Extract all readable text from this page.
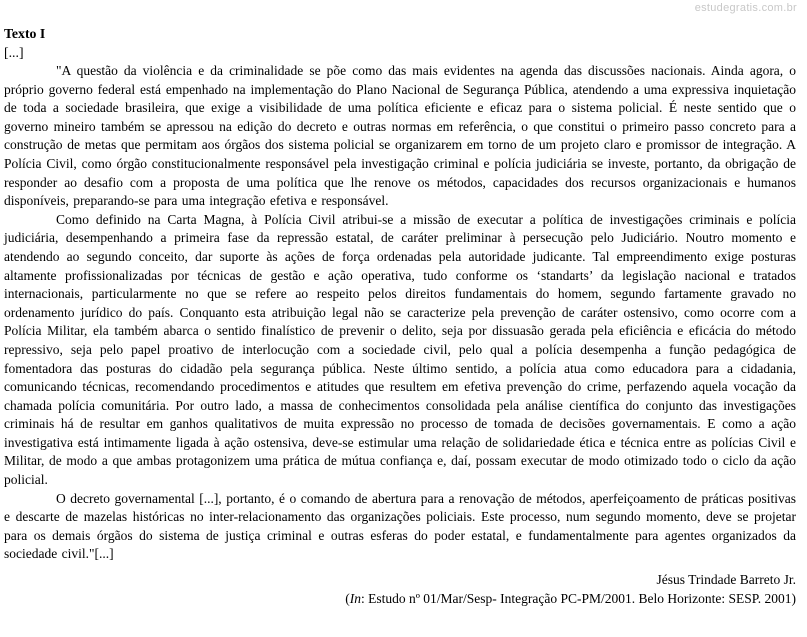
estudegratis.com.br
Texto I
[...]

"A questão da violência e da criminalidade se põe como das mais evidentes na agenda das discussões nacionais. Ainda agora, o próprio governo federal está empenhado na implementação do Plano Nacional de Segurança Pública, atendendo a uma expressiva inquietação de toda a sociedade brasileira, que exige a visibilidade de uma política eficiente e eficaz para o sistema policial. É neste sentido que o governo mineiro também se apressou na edição do decreto e outras normas em referência, o que constitui o primeiro passo concreto para a construção de metas que permitam aos órgãos dos sistema policial se organizarem em torno de um projeto claro e promissor de integração. A Polícia Civil, como órgão constitucionalmente responsável pela investigação criminal e polícia judiciária se investe, portanto, da obrigação de responder ao desafio com a proposta de uma política que lhe renove os métodos, capacidades dos recursos organizacionais e humanos disponíveis, preparando-se para uma integração efetiva e responsável.

Como definido na Carta Magna, à Polícia Civil atribui-se a missão de executar a política de investigações criminais e polícia judiciária, desempenhando a primeira fase da repressão estatal, de caráter preliminar à persecução pelo Judiciário. Noutro momento e atendendo ao segundo conceito, dar suporte às ações de força ordenadas pela autoridade judicante. Tal empreendimento exige posturas altamente profissionalizadas por técnicas de gestão e ação operativa, tudo conforme os ‘standarts’ da legislação nacional e tratados internacionais, particularmente no que se refere ao respeito pelos direitos fundamentais do homem, segundo fartamente gravado no ordenamento jurídico do país. Conquanto esta atribuição legal não se caracterize pela prevenção de caráter ostensivo, como ocorre com a Polícia Militar, ela também abarca o sentido finalístico de prevenir o delito, seja por dissuasão gerada pela eficiência e eficácia do método repressivo, seja pelo papel proativo de interlocução com a sociedade civil, pelo qual a polícia desempenha a função pedagógica de fomentadora das posturas do cidadão pela segurança pública. Neste último sentido, a polícia atua como educadora para a cidadania, comunicando técnicas, recomendando procedimentos e atitudes que resultem em efetiva prevenção do crime, perfazendo aquela vocação da chamada polícia comunitária. Por outro lado, a massa de conhecimentos consolidada pela análise científica do conjunto das investigações criminais há de resultar em ganhos qualitativos de muita expressão no processo de tomada de decisões governamentais. E como a ação investigativa está intimamente ligada à ação ostensiva, deve-se estimular uma relação de solidariedade ética e técnica entre as polícias Civil e Militar, de modo a que ambas protagonizem uma prática de mútua confiança e, daí, possam executar de modo otimizado todo o ciclo da ação policial.

O decreto governamental [...], portanto, é o comando de abertura para a renovação de métodos, aperfeiçoamento de práticas positivas e descarte de mazelas históricas no inter-relacionamento das organizações policiais. Este processo, num segundo momento, deve se projetar para os demais órgãos do sistema de justiça criminal e outras esferas do poder estatal, e fundamentalmente para agentes organizados da sociedade civil."[...]

Jésus Trindade Barreto Jr.
(In: Estudo nº 01/Mar/Sesp- Integração PC-PM/2001. Belo Horizonte: SESP. 2001)
